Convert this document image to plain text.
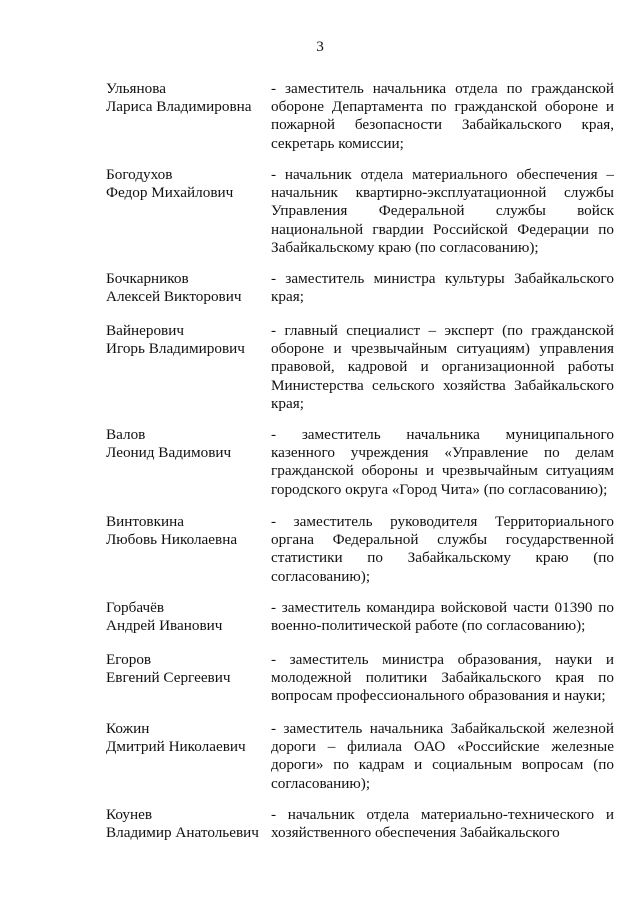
3
Ульянова
Лариса Владимировна
- заместитель начальника отдела по гражданской обороне Департамента по гражданской обороне и пожарной безопасности Забайкальского края, секретарь комиссии;
Богодухов
Федор Михайлович
- начальник отдела материального обеспечения – начальник квартирно-эксплуатационной службы Управления Федеральной службы войск национальной гвардии Российской Федерации по Забайкальскому краю (по согласованию);
Бочкарников
Алексей Викторович
- заместитель министра культуры Забайкальского края;
Вайнерович
Игорь Владимирович
- главный специалист – эксперт (по гражданской обороне и чрезвычайным ситуациям) управления правовой, кадровой и организационной работы Министерства сельского хозяйства Забайкальского края;
Валов
Леонид Вадимович
- заместитель начальника муниципального казенного учреждения «Управление по делам гражданской обороны и чрезвычайным ситуациям городского округа «Город Чита» (по согласованию);
Винтовкина
Любовь Николаевна
- заместитель руководителя Территориального органа Федеральной службы государственной статистики по Забайкальскому краю (по согласованию);
Горбачёв
Андрей Иванович
- заместитель командира войсковой части 01390 по военно-политической работе (по согласованию);
Егоров
Евгений Сергеевич
- заместитель министра образования, науки и молодежной политики Забайкальского края по вопросам профессионального образования и науки;
Кожин
Дмитрий Николаевич
- заместитель начальника Забайкальской железной дороги – филиала ОАО «Российские железные дороги» по кадрам и социальным вопросам (по согласованию);
Коунев
Владимир Анатольевич
- начальник отдела материально-технического и хозяйственного обеспечения Забайкальского
